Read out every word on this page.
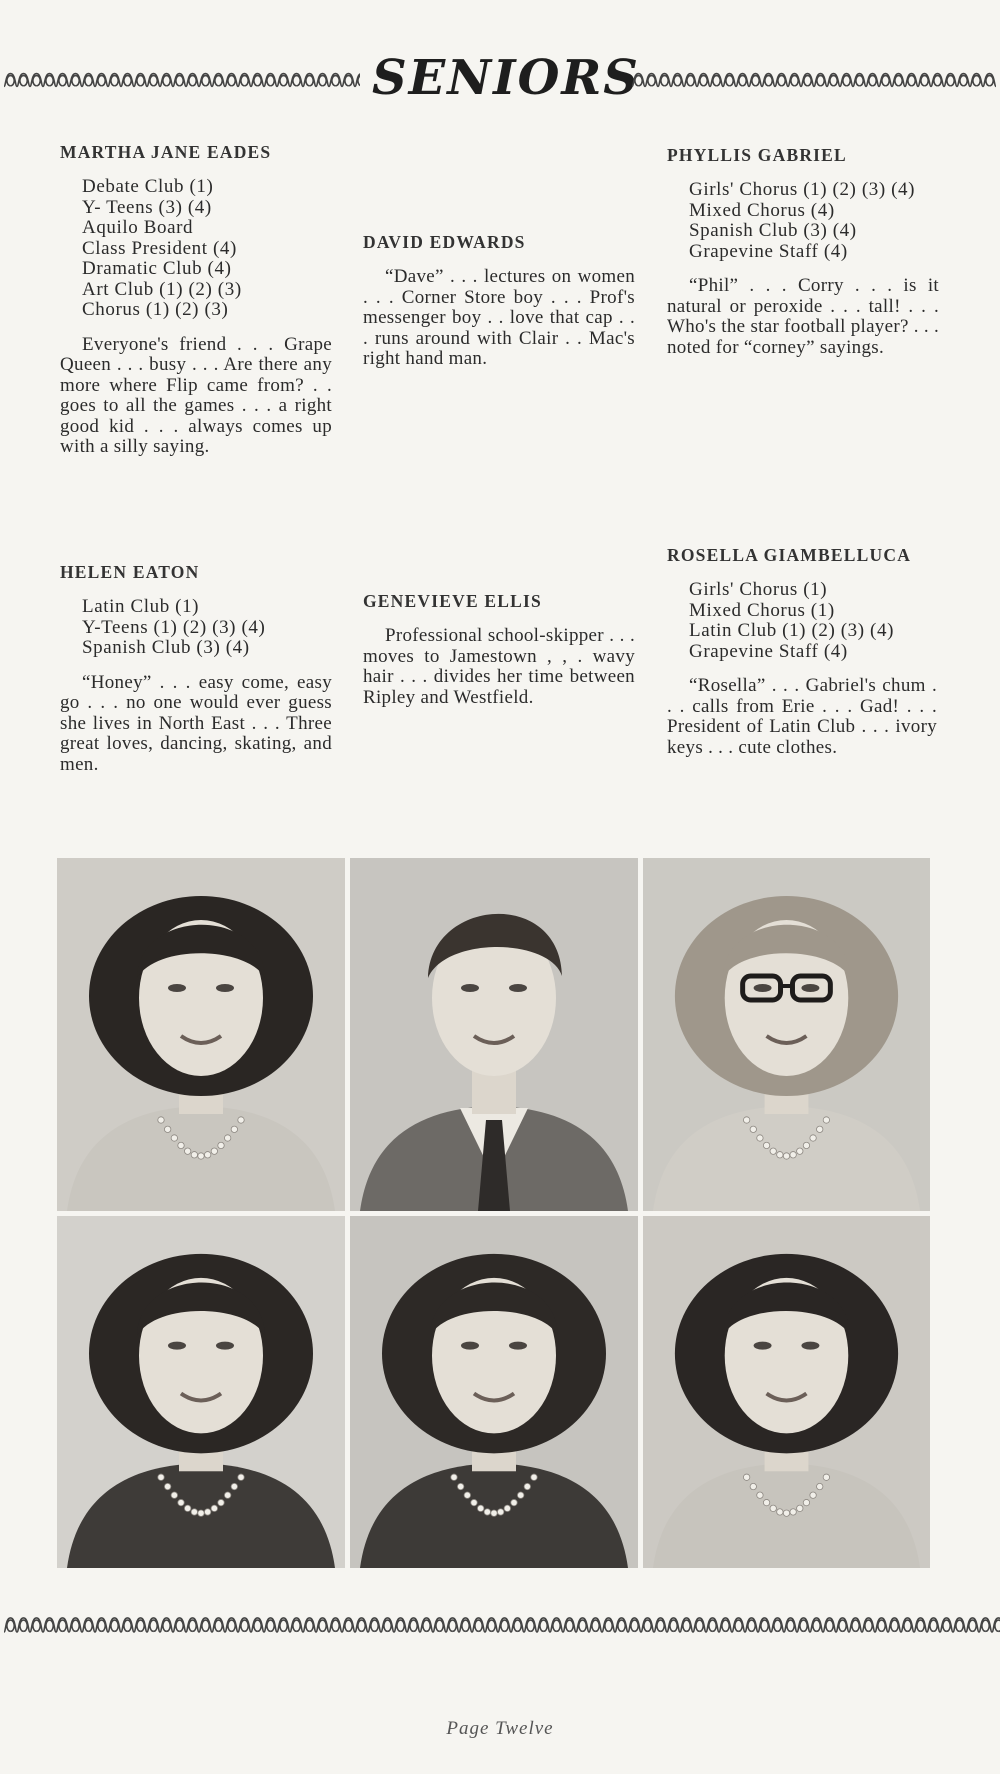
SENIORS
MARTHA JANE EADES
Debate Club (1)
Y- Teens (3) (4)
Aquilo Board
Class President (4)
Dramatic Club (4)
Art Club (1) (2) (3)
Chorus (1) (2) (3)

Everyone's friend . . . Grape Queen . . . busy . . . Are there any more where Flip came from? . . goes to all the games . . . a right good kid . . . always comes up with a silly saying.

HELEN EATON
Latin Club (1)
Y-Teens (1) (2) (3) (4)
Spanish Club (3) (4)

“Honey” . . . easy come, easy go . . . no one would ever guess she lives in North East . . . Three great loves, dancing, skating, and men.

DAVID EDWARDS

“Dave” . . . lectures on women . . . Corner Store boy . . . Prof's messenger boy . . love that cap . . . runs around with Clair . . Mac's right hand man.

GENEVIEVE ELLIS

Professional school-skipper . . . moves to Jamestown , , . wavy hair . . . divides her time between Ripley and Westfield.

PHYLLIS GABRIEL
Girls' Chorus (1) (2) (3) (4)
Mixed Chorus (4)
Spanish Club (3) (4)
Grapevine Staff (4)

“Phil” . . . Corry . . . is it natural or peroxide . . . tall! . . . Who's the star football player? . . . noted for “corney” sayings.

ROSELLA GIAMBELLUCA
Girls' Chorus (1)
Mixed Chorus (1)
Latin Club (1) (2) (3) (4)
Grapevine Staff (4)

“Rosella” . . . Gabriel's chum . . . calls from Erie . . . Gad! . . . President of Latin Club . . . ivory keys . . . cute clothes.

Page Twelve
